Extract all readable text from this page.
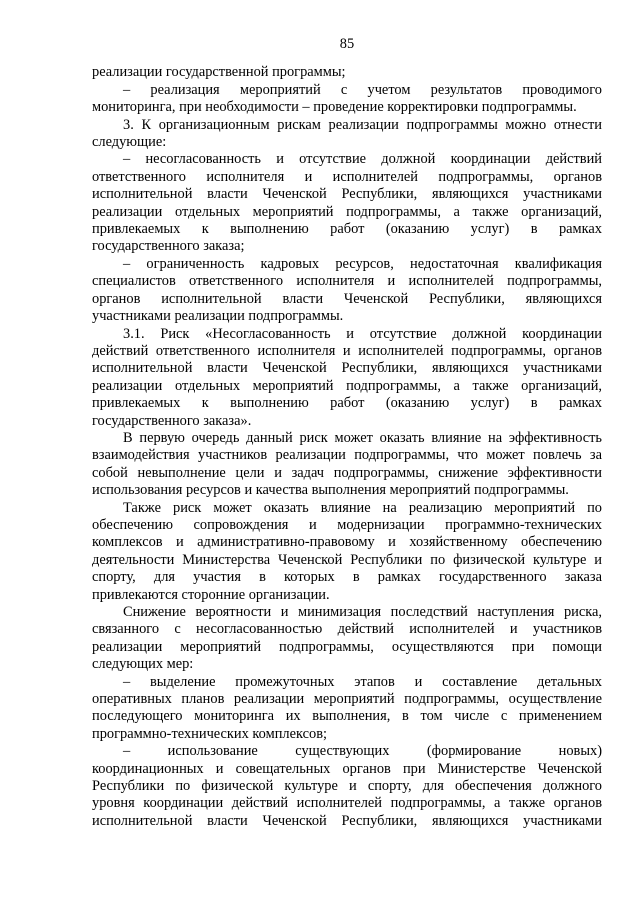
85
реализации государственной программы;
– реализация мероприятий с учетом результатов проводимого
мониторинга, при необходимости – проведение корректировки подпрограммы.
3. К организационным рискам реализации подпрограммы можно отнести
следующие:
– несогласованность и отсутствие должной координации действий
ответственного исполнителя и исполнителей подпрограммы, органов
исполнительной власти Чеченской Республики, являющихся участниками
реализации отдельных мероприятий подпрограммы, а также организаций,
привлекаемых к выполнению работ (оказанию услуг) в рамках
государственного заказа;
– ограниченность кадровых ресурсов, недостаточная квалификация
специалистов ответственного исполнителя и исполнителей подпрограммы,
органов исполнительной власти Чеченской Республики, являющихся
участниками реализации подпрограммы.
3.1. Риск «Несогласованность и отсутствие должной координации
действий ответственного исполнителя и исполнителей подпрограммы, органов
исполнительной власти Чеченской Республики, являющихся участниками
реализации отдельных мероприятий подпрограммы, а также организаций,
привлекаемых к выполнению работ (оказанию услуг) в рамках
государственного заказа».
В первую очередь данный риск может оказать влияние на эффективность
взаимодействия участников реализации подпрограммы, что может повлечь за
собой невыполнение цели и задач подпрограммы, снижение эффективности
использования ресурсов и качества выполнения мероприятий подпрограммы.
Также риск может оказать влияние на реализацию мероприятий по
обеспечению сопровождения и модернизации программно-технических
комплексов и административно-правовому и хозяйственному обеспечению
деятельности Министерства Чеченской Республики по физической культуре и
спорту, для участия в которых в рамках государственного заказа
привлекаются сторонние организации.
Снижение вероятности и минимизация последствий наступления риска,
связанного с несогласованностью действий исполнителей и участников
реализации мероприятий подпрограммы, осуществляются при помощи
следующих мер:
– выделение промежуточных этапов и составление детальных
оперативных планов реализации мероприятий подпрограммы, осуществление
последующего мониторинга их выполнения, в том числе с применением
программно-технических комплексов;
– использование существующих (формирование новых)
координационных и совещательных органов при Министерстве Чеченской
Республики по физической культуре и спорту, для обеспечения должного
уровня координации действий исполнителей подпрограммы, а также органов
исполнительной власти Чеченской Республики, являющихся участниками
